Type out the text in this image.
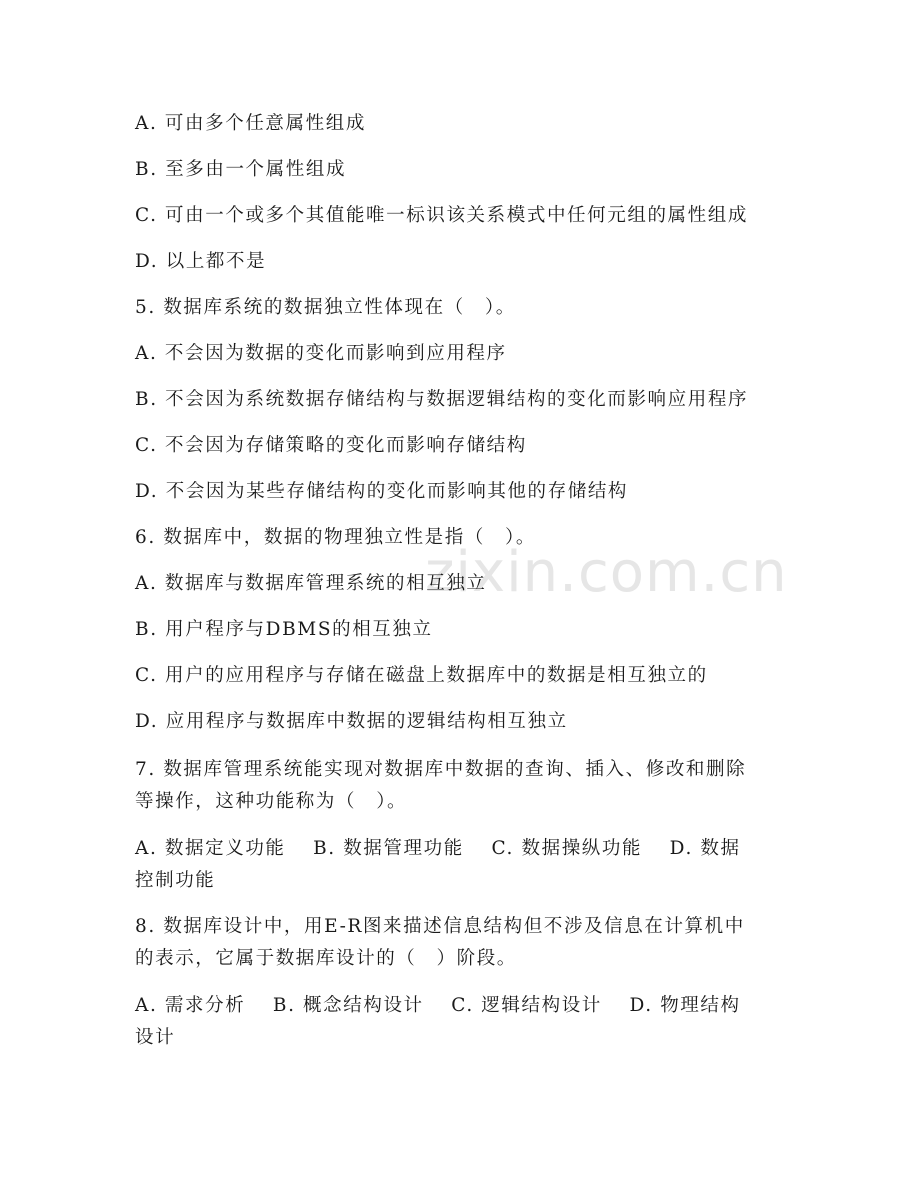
zixin.com.cn
A. 可由多个任意属性组成
B. 至多由一个属性组成
C. 可由一个或多个其值能唯一标识该关系模式中任何元组的属性组成
D. 以上都不是
5. 数据库系统的数据独立性体现在（　）。
A. 不会因为数据的变化而影响到应用程序
B. 不会因为系统数据存储结构与数据逻辑结构的变化而影响应用程序
C. 不会因为存储策略的变化而影响存储结构
D. 不会因为某些存储结构的变化而影响其他的存储结构
6. 数据库中，数据的物理独立性是指（　）。
A. 数据库与数据库管理系统的相互独立
B. 用户程序与DBMS的相互独立
C. 用户的应用程序与存储在磁盘上数据库中的数据是相互独立的
D. 应用程序与数据库中数据的逻辑结构相互独立
7. 数据库管理系统能实现对数据库中数据的查询、插入、修改和删除
等操作，这种功能称为（　）。
A. 数据定义功能　 B. 数据管理功能　 C. 数据操纵功能　 D. 数据
控制功能
8. 数据库设计中，用E-R图来描述信息结构但不涉及信息在计算机中
的表示，它属于数据库设计的（　）阶段。
A. 需求分析　 B. 概念结构设计　 C. 逻辑结构设计　 D. 物理结构
设计
